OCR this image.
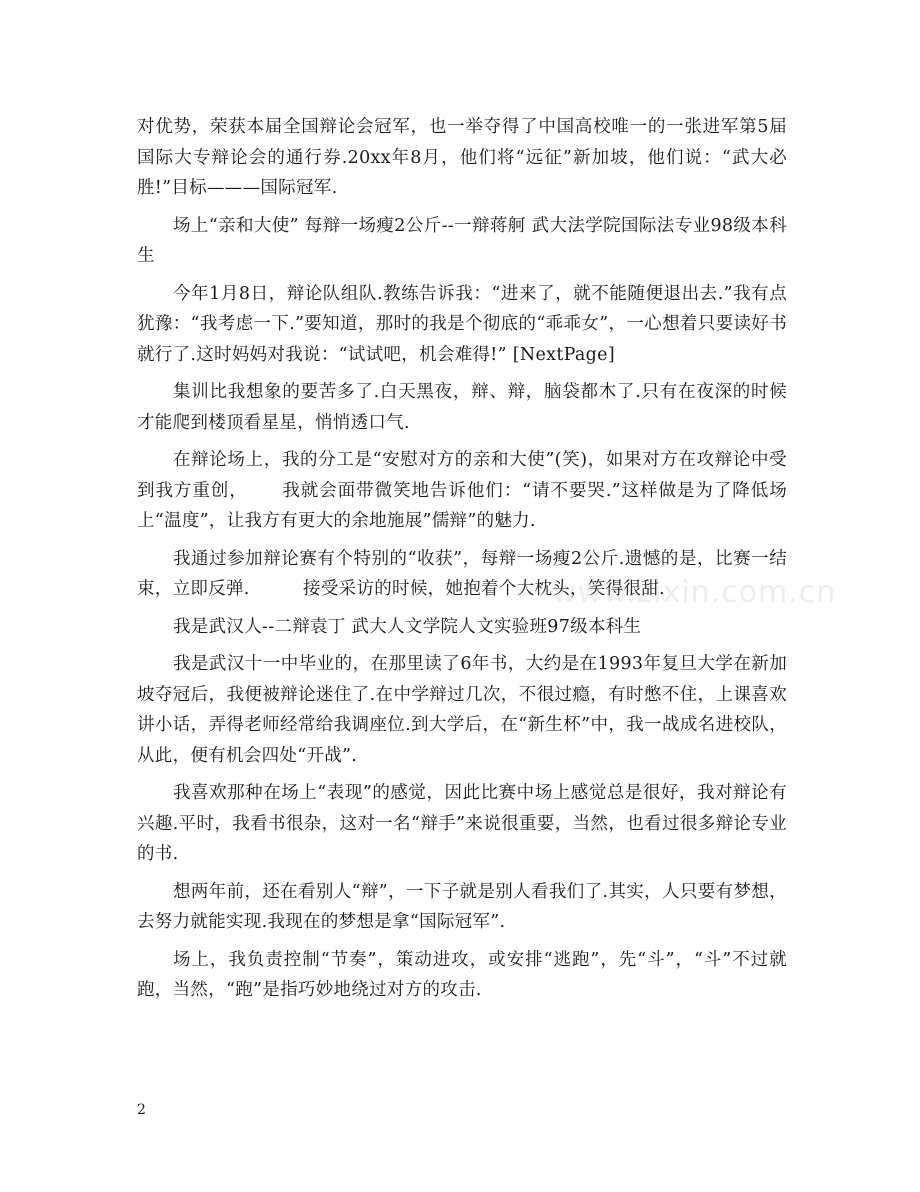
www.zixin.com.cn

对优势，荣获本届全国辩论会冠军，也一举夺得了中国高校唯一的一张进军第5届国际大专辩论会的通行券.20xx年8月，他们将“远征”新加坡，他们说：“武大必胜!”目标———国际冠军.

场上“亲和大使” 每辩一场瘦2公斤--一辩蒋舸 武大法学院国际法专业98级本科生

今年1月8日，辩论队组队.教练告诉我：“进来了，就不能随便退出去.”我有点犹豫：“我考虑一下.”要知道，那时的我是个彻底的“乖乖女”，一心想着只要读好书就行了.这时妈妈对我说：“试试吧，机会难得!” [NextPage]

集训比我想象的要苦多了.白天黑夜，辩、辩，脑袋都木了.只有在夜深的时候才能爬到楼顶看星星，悄悄透口气.

在辩论场上，我的分工是“安慰对方的亲和大使”(笑)，如果对方在攻辩论中受到我方重创，　　 我就会面带微笑地告诉他们：“请不要哭.”这样做是为了降低场上“温度”，让我方有更大的余地施展”儒辩”的魅力.

我通过参加辩论赛有个特别的“收获”，每辩一场瘦2公斤.遗憾的是，比赛一结束，立即反弹.　　　接受采访的时候，她抱着个大枕头，笑得很甜.

我是武汉人--二辩袁丁 武大人文学院人文实验班97级本科生

我是武汉十一中毕业的，在那里读了6年书，大约是在1993年复旦大学在新加坡夺冠后，我便被辩论迷住了.在中学辩过几次，不很过瘾，有时憋不住，上课喜欢讲小话，弄得老师经常给我调座位.到大学后，在“新生杯”中，我一战成名进校队，从此，便有机会四处“开战”.

我喜欢那种在场上“表现”的感觉，因此比赛中场上感觉总是很好，我对辩论有兴趣.平时，我看书很杂，这对一名“辩手”来说很重要，当然，也看过很多辩论专业的书.

想两年前，还在看别人“辩”，一下子就是别人看我们了.其实，人只要有梦想，去努力就能实现.我现在的梦想是拿“国际冠军”.

场上，我负责控制“节奏”，策动进攻，或安排“逃跑”，先“斗”，“斗”不过就跑，当然，“跑”是指巧妙地绕过对方的攻击.

2
